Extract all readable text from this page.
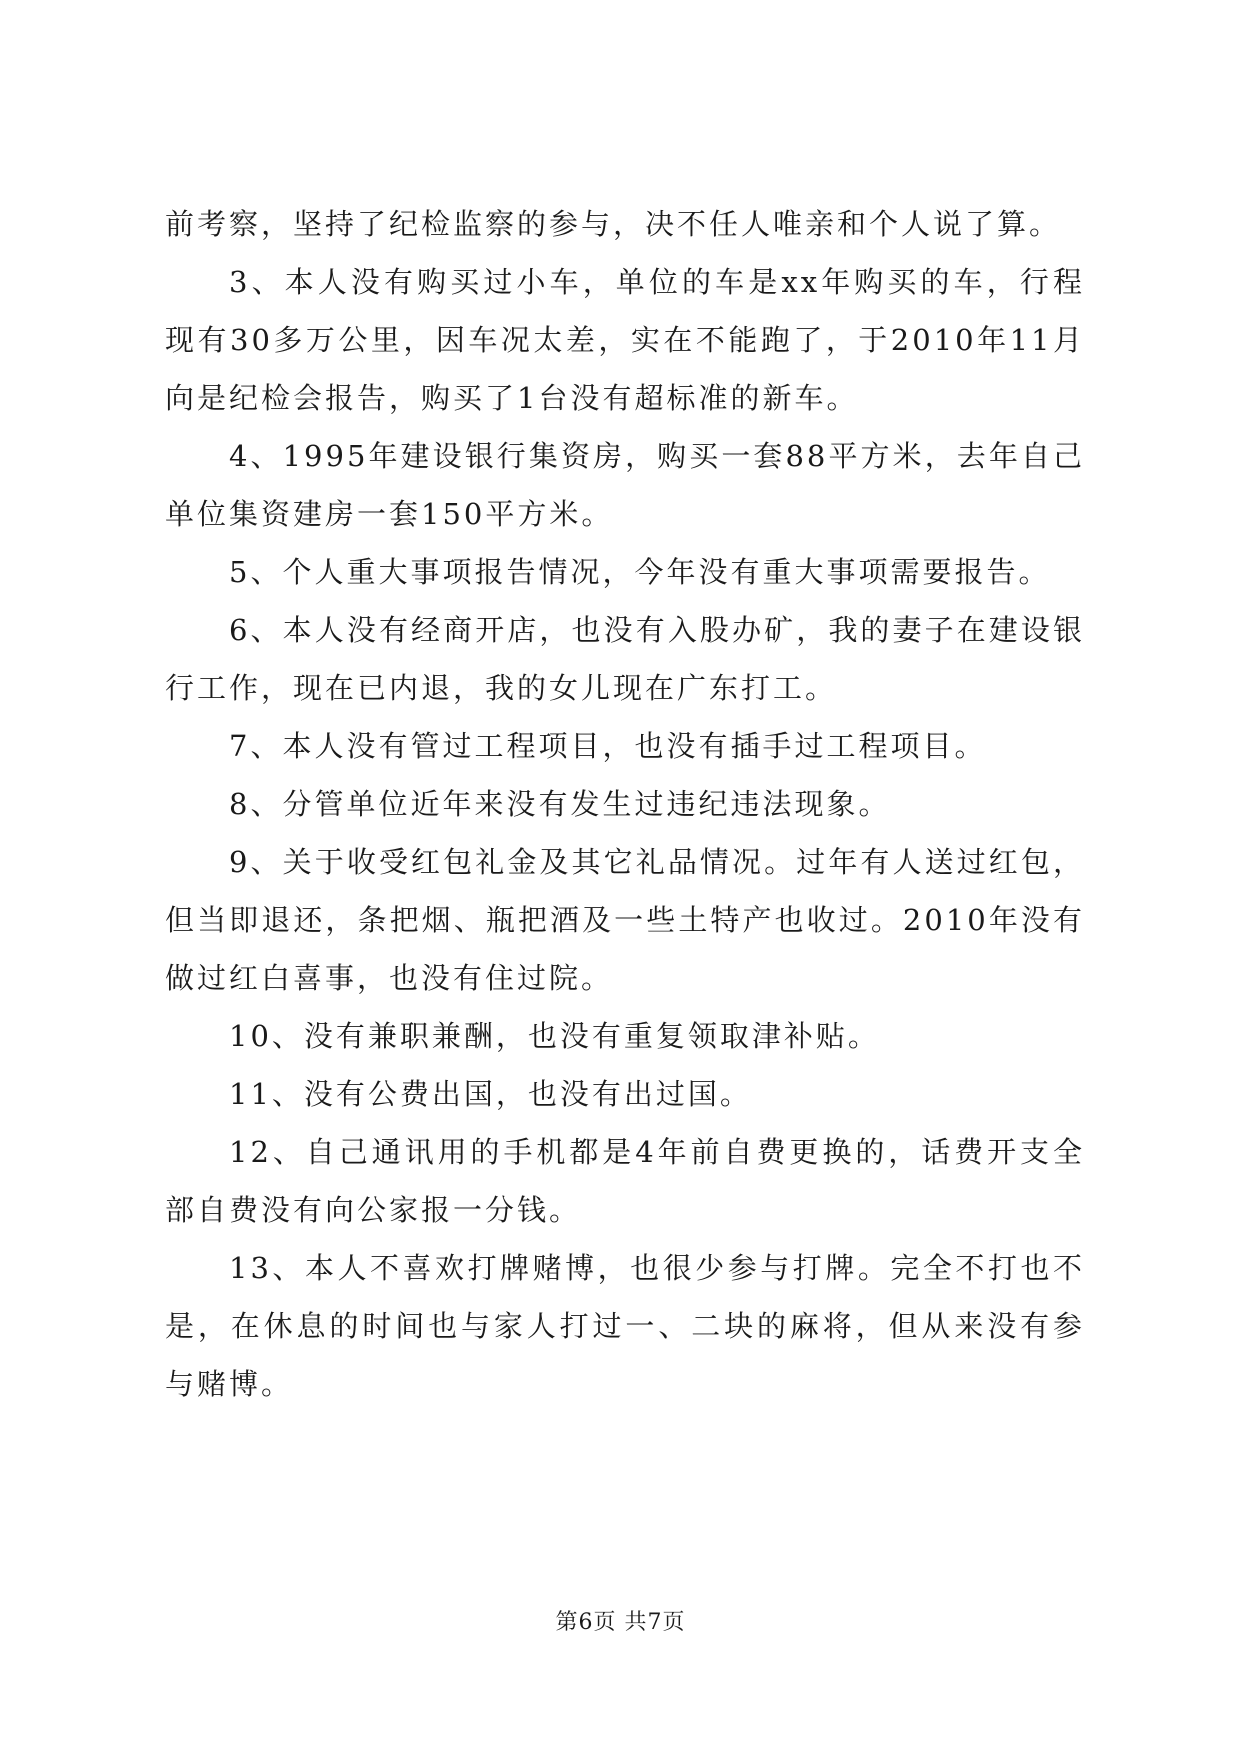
前考察，坚持了纪检监察的参与，决不任人唯亲和个人说了算。

3、本人没有购买过小车，单位的车是xx年购买的车，行程现有30多万公里，因车况太差，实在不能跑了，于2010年11月向是纪检会报告，购买了1台没有超标准的新车。

4、1995年建设银行集资房，购买一套88平方米，去年自己单位集资建房一套150平方米。

5、个人重大事项报告情况，今年没有重大事项需要报告。

6、本人没有经商开店，也没有入股办矿，我的妻子在建设银行工作，现在已内退，我的女儿现在广东打工。

7、本人没有管过工程项目，也没有插手过工程项目。

8、分管单位近年来没有发生过违纪违法现象。

9、关于收受红包礼金及其它礼品情况。过年有人送过红包，但当即退还，条把烟、瓶把酒及一些土特产也收过。2010年没有做过红白喜事，也没有住过院。

10、没有兼职兼酬，也没有重复领取津补贴。

11、没有公费出国，也没有出过国。

12、自己通讯用的手机都是4年前自费更换的，话费开支全部自费没有向公家报一分钱。

13、本人不喜欢打牌赌博，也很少参与打牌。完全不打也不是，在休息的时间也与家人打过一、二块的麻将，但从来没有参与赌博。

第6页 共7页
